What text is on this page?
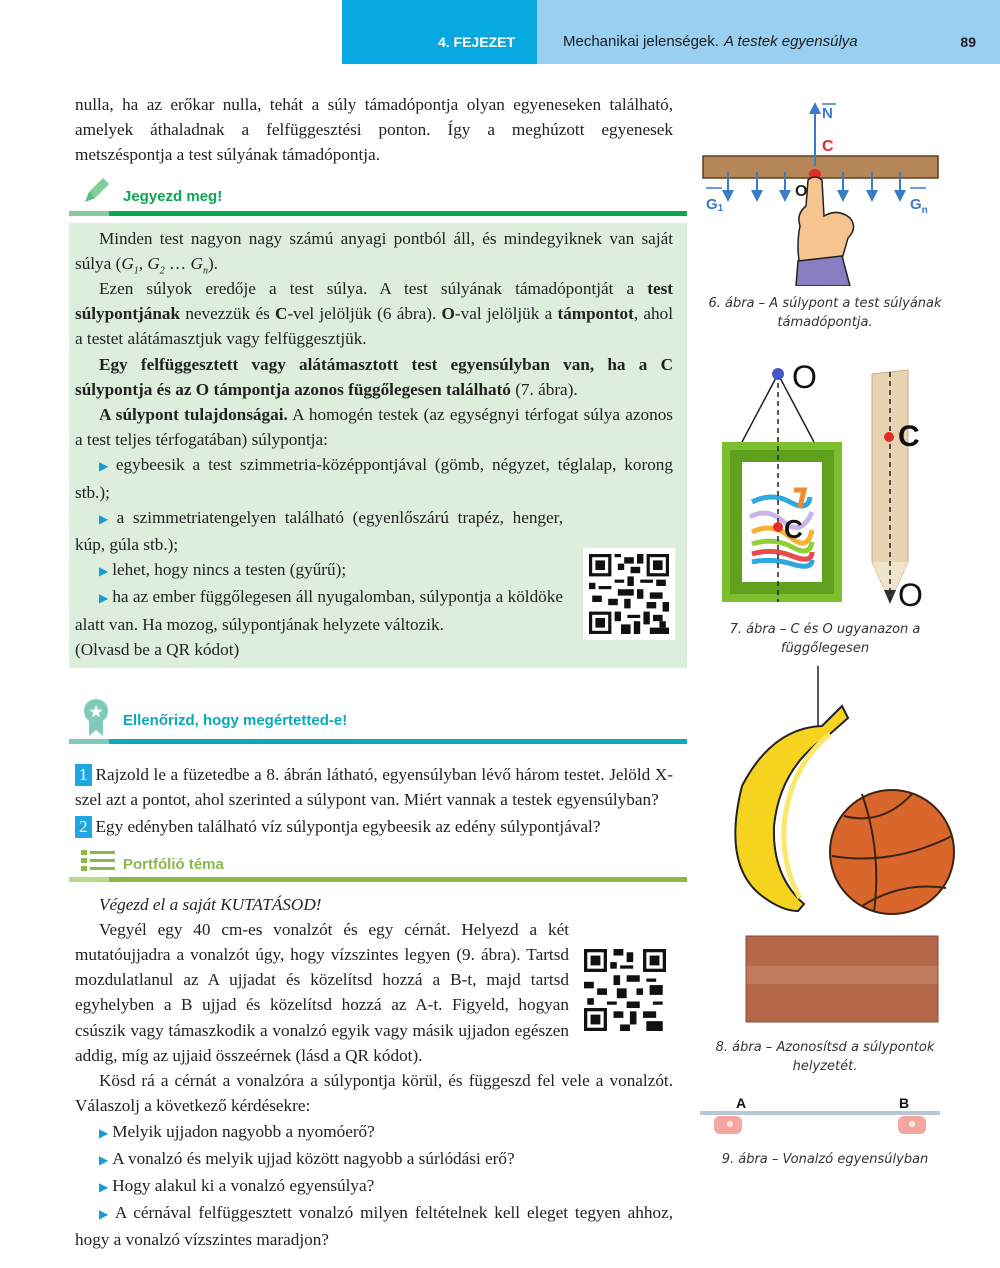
4. FEJEZET	Mechanikai jelenségek. A testek egyensúlya	89

nulla, ha az erőkar nulla, tehát a súly támadópontja olyan egyeneseken található, amelyek áthaladnak a felfüggesztési ponton. Így a meghúzott egyenesek metszéspontja a test súlyának támadópontja.

Jegyezd meg!

Minden test nagyon nagy számú anyagi pontból áll, és mindegyiknek van saját súlya ($G_1$, $G_2$ … $G_n$).

Ezen súlyok eredője a test súlya. A test súlyának támadópontját a test súlypontjának nevezzük és C-vel jelöljük (6 ábra). O-val jelöljük a támpontot, ahol a testet alátámasztjuk vagy felfüggesztjük.

Egy felfüggesztett vagy alátámasztott test egyensúlyban van, ha a C súlypontja és az O támpontja azonos függőlegesen található (7. ábra).

A súlypont tulajdonságai. A homogén testek (az egységnyi térfogat súlya azonos a test teljes térfogatában) súlypontja:

▶ egybeesik a test szimmetria-középpontjával (gömb, négyzet, téglalap, korong stb.);

▶ a szimmetriatengelyen található (egyenlőszárú trapéz, henger, kúp, gúla stb.);

▶ lehet, hogy nincs a testen (gyűrű);

▶ ha az ember függőlegesen áll nyugalomban, súlypontja a köldöke alatt van. Ha mozog, súlypontjának helyzete változik.

(Olvasd be a QR kódot)

Ellenőrizd, hogy megértetted-e!

1 Rajzold le a füzetedbe a 8. ábrán látható, egyensúlyban lévő három testet. Jelöld X-szel azt a pontot, ahol szerinted a súlypont van. Miért vannak a testek egyensúlyban?

2 Egy edényben található víz súlypontja egybeesik az edény súlypontjával?

Portfólió téma

Végezd el a saját KUTATÁSOD!

Vegyél egy 40 cm-es vonalzót és egy cérnát. Helyezd a két mutatóujjadra a vonalzót úgy, hogy vízszintes legyen (9. ábra). Tartsd mozdulatlanul az A ujjadat és közelítsd hozzá a B-t, majd tartsd egyhelyben a B ujjad és közelítsd hozzá az A-t. Figyeld, hogyan csúszik vagy támaszkodik a vonalzó egyik vagy másik ujjadon egészen addig, míg az ujjaid összeérnek (lásd a QR kódot).

Kösd rá a cérnát a vonalzóra a súlypontja körül, és függeszd fel vele a vonalzót. Válaszolj a következő kérdésekre:

▶ Melyik ujjadon nagyobb a nyomóerő?

▶ A vonalzó és melyik ujjad között nagyobb a súrlódási erő?

▶ Hogy alakul ki a vonalzó egyensúlya?

▶ A cérnával felfüggesztett vonalzó milyen feltételnek kell eleget tegyen ahhoz, hogy a vonalzó vízszintes maradjon?

N
C
O
G1	$G_n$
6. ábra – A súlypont a test súlyának támadópontja.
O
C
C
O
7. ábra – C és O ugyanazon a függőlegesen
8. ábra – Azonosítsd a súlypontok helyzetét.
A	B
9. ábra – Vonalzó egyensúlyban
